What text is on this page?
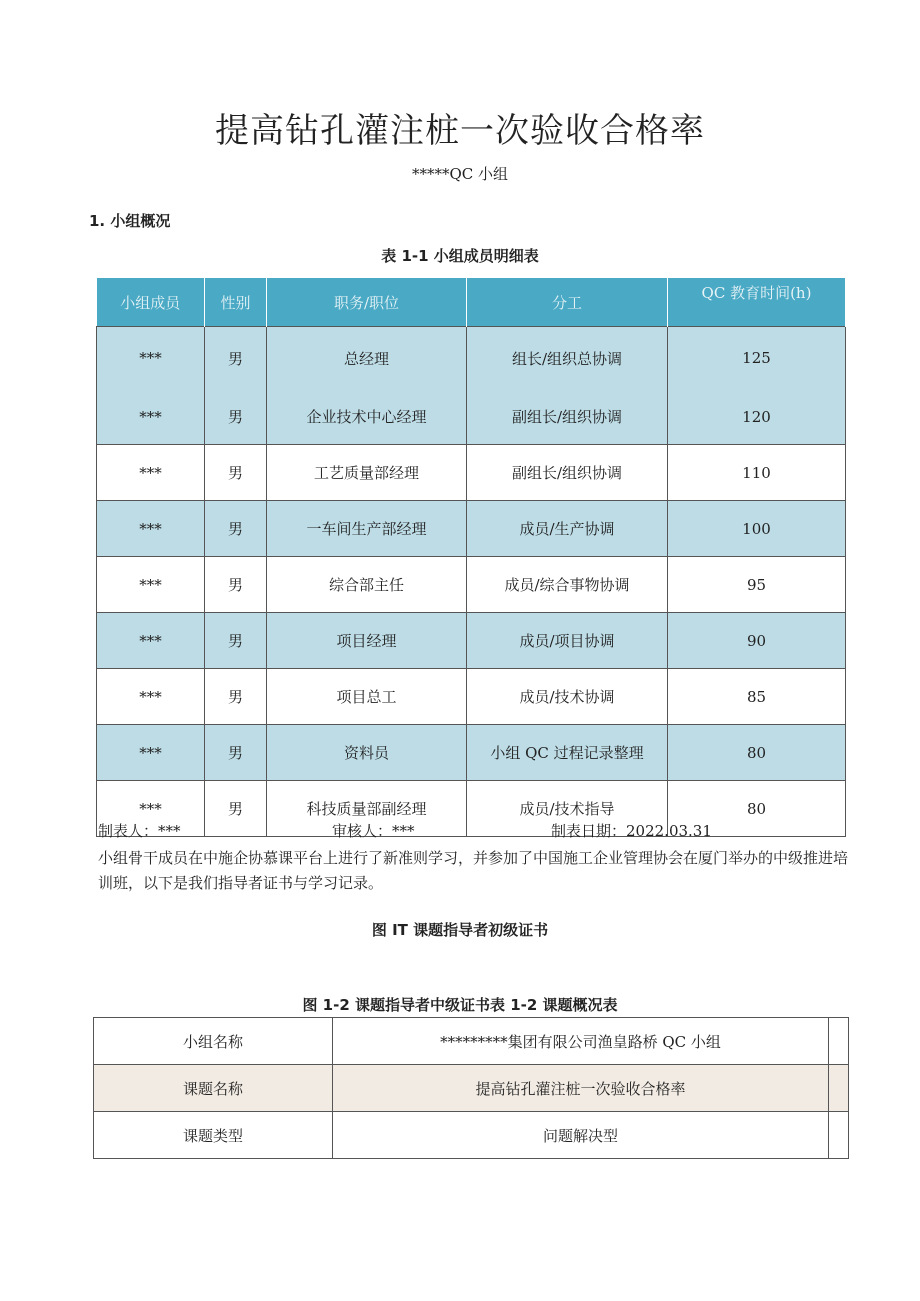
提高钻孔灌注桩一次验收合格率
*****QC 小组
1. 小组概况
表 1-1 小组成员明细表
小组成员	性别	职务/职位	分工	QC 教育时间(h)
***	男	总经理	组长/组织总协调	125
***	男	企业技术中心经理	副组长/组织协调	120
***	男	工艺质量部经理	副组长/组织协调	110
***	男	一车间生产部经理	成员/生产协调	100
***	男	综合部主任	成员/综合事物协调	95
***	男	项目经理	成员/项目协调	90
***	男	项目总工	成员/技术协调	85
***	男	资料员	小组 QC 过程记录整理	80
***	男	科技质量部副经理	成员/技术指导	80
制表人：***	审核人：***	制表日期：2022.03.31
小组骨干成员在中施企协慕课平台上进行了新准则学习，并参加了中国施工企业管理协会在厦门举办的中级推进培训班，以下是我们指导者证书与学习记录。
图 IT 课题指导者初级证书
图 1-2 课题指导者中级证书表 1-2 课题概况表
小组名称	*********集团有限公司渔皇路桥 QC 小组	
课题名称	提高钻孔灌注桩一次验收合格率	
课题类型	问题解决型	
